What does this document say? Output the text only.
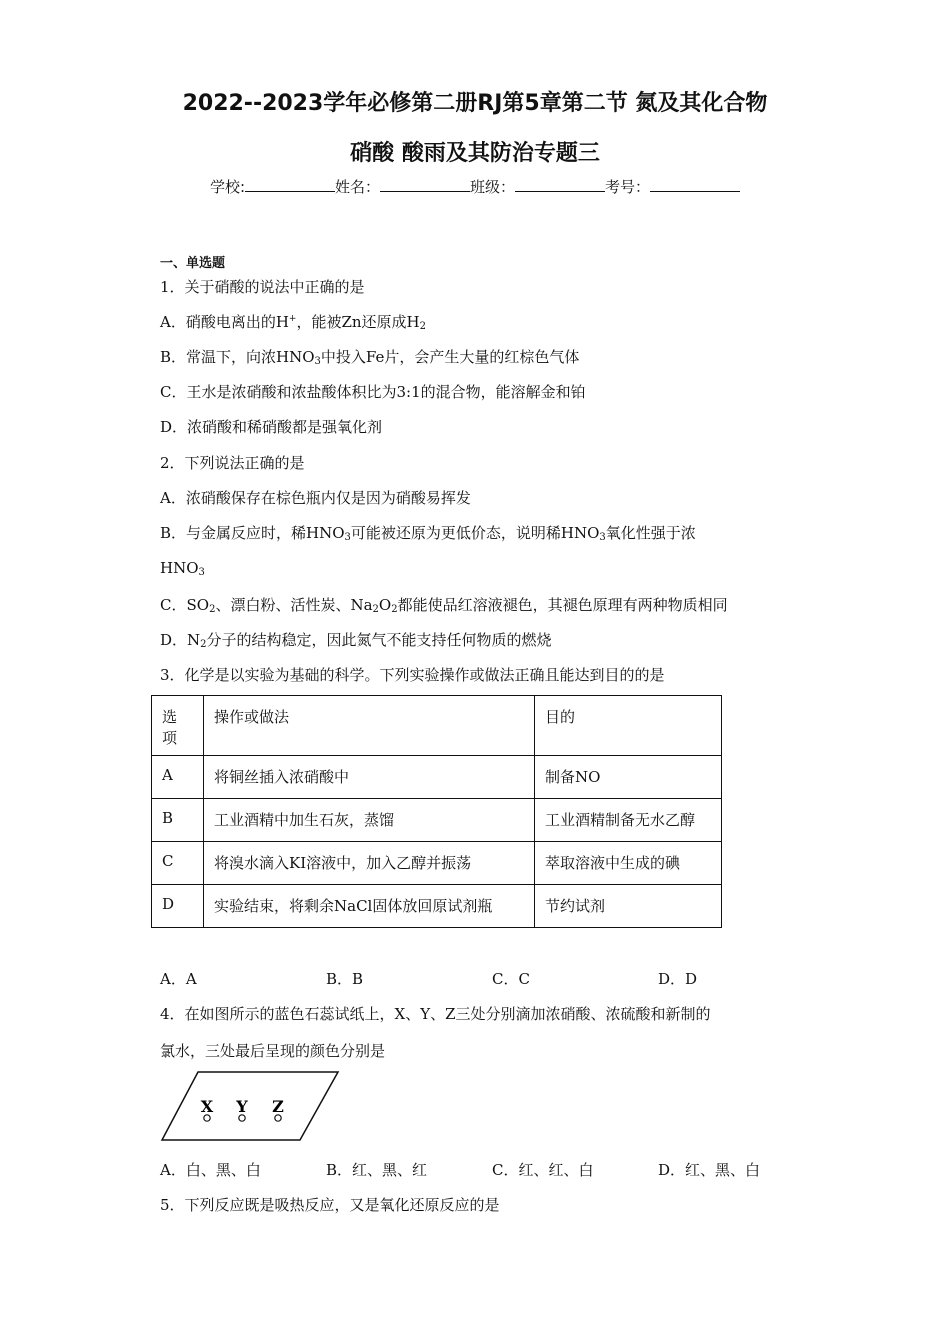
2022--2023学年必修第二册RJ第5章第二节 氮及其化合物
硝酸 酸雨及其防治专题三
学校:	姓名：	班级：	考号：
一、单选题
1．关于硝酸的说法中正确的是
A．硝酸电离出的H+，能被Zn还原成$H_2$
B．常温下，向浓$HNO_3$中投入Fe片，会产生大量的红棕色气体
C．王水是浓硝酸和浓盐酸体积比为3:1的混合物，能溶解金和铂
D．浓硝酸和稀硝酸都是强氧化剂
2．下列说法正确的是
A．浓硝酸保存在棕色瓶内仅是因为硝酸易挥发
B．与金属反应时，稀$HNO_3$可能被还原为更低价态，说明稀$HNO_3$氧化性强于浓
$HNO_3$
C．$SO_2$、漂白粉、活性炭、$Na_2O_2$都能使品红溶液褪色，其褪色原理有两种物质相同
D．$N_2$分子的结构稳定，因此氮气不能支持任何物质的燃烧
3．化学是以实验为基础的科学。下列实验操作或做法正确且能达到目的的是
选
项	操作或做法	目的
A	将铜丝插入浓硝酸中	制备NO
B	工业酒精中加生石灰，蒸馏	工业酒精制备无水乙醇
C	将溴水滴入KI溶液中，加入乙醇并振荡	萃取溶液中生成的碘
D	实验结束，将剩余NaCl固体放回原试剂瓶	节约试剂
A．A	B．B	C．C	D．D
4．在如图所示的蓝色石蕊试纸上，X、Y、Z三处分别滴加浓硝酸、浓硫酸和新制的
氯水，三处最后呈现的颜色分别是
X Y Z
A．白、黑、白	B．红、黑、红	C．红、红、白	D．红、黑、白
5．下列反应既是吸热反应，又是氧化还原反应的是
